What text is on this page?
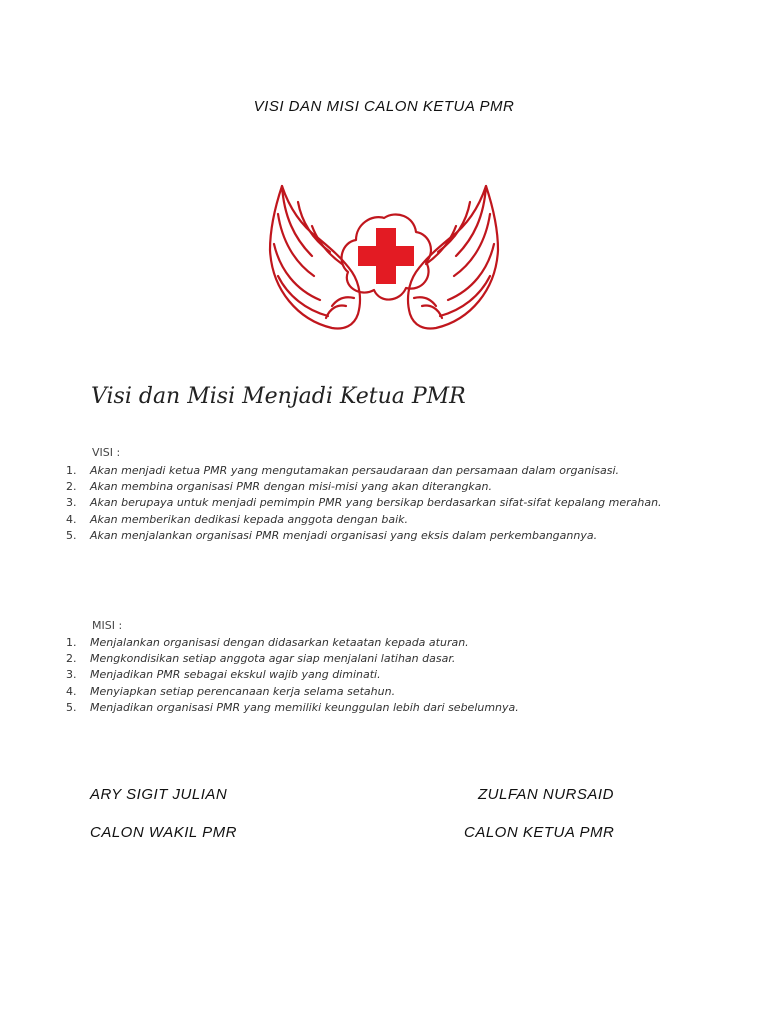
VISI DAN MISI CALON KETUA PMR
Visi dan Misi Menjadi Ketua PMR
VISI :
1.	Akan menjadi ketua PMR yang mengutamakan persaudaraan dan persamaan dalam organisasi.
2.	Akan membina organisasi PMR dengan misi-misi yang akan diterangkan.
3.	Akan berupaya untuk menjadi pemimpin PMR yang bersikap berdasarkan sifat-sifat kepalang merahan.
4.	Akan memberikan dedikasi kepada anggota dengan baik.
5.	Akan menjalankan organisasi PMR menjadi organisasi yang eksis dalam perkembangannya.
MISI :
1.	Menjalankan organisasi dengan didasarkan ketaatan kepada aturan.
2.	Mengkondisikan setiap anggota agar siap menjalani latihan dasar.
3.	Menjadikan PMR sebagai ekskul wajib yang diminati.
4.	Menyiapkan setiap perencanaan kerja selama setahun.
5.	Menjadikan organisasi PMR yang memiliki keunggulan lebih dari sebelumnya.
ARY SIGIT JULIAN
CALON WAKIL PMR
ZULFAN NURSAID
CALON KETUA PMR
